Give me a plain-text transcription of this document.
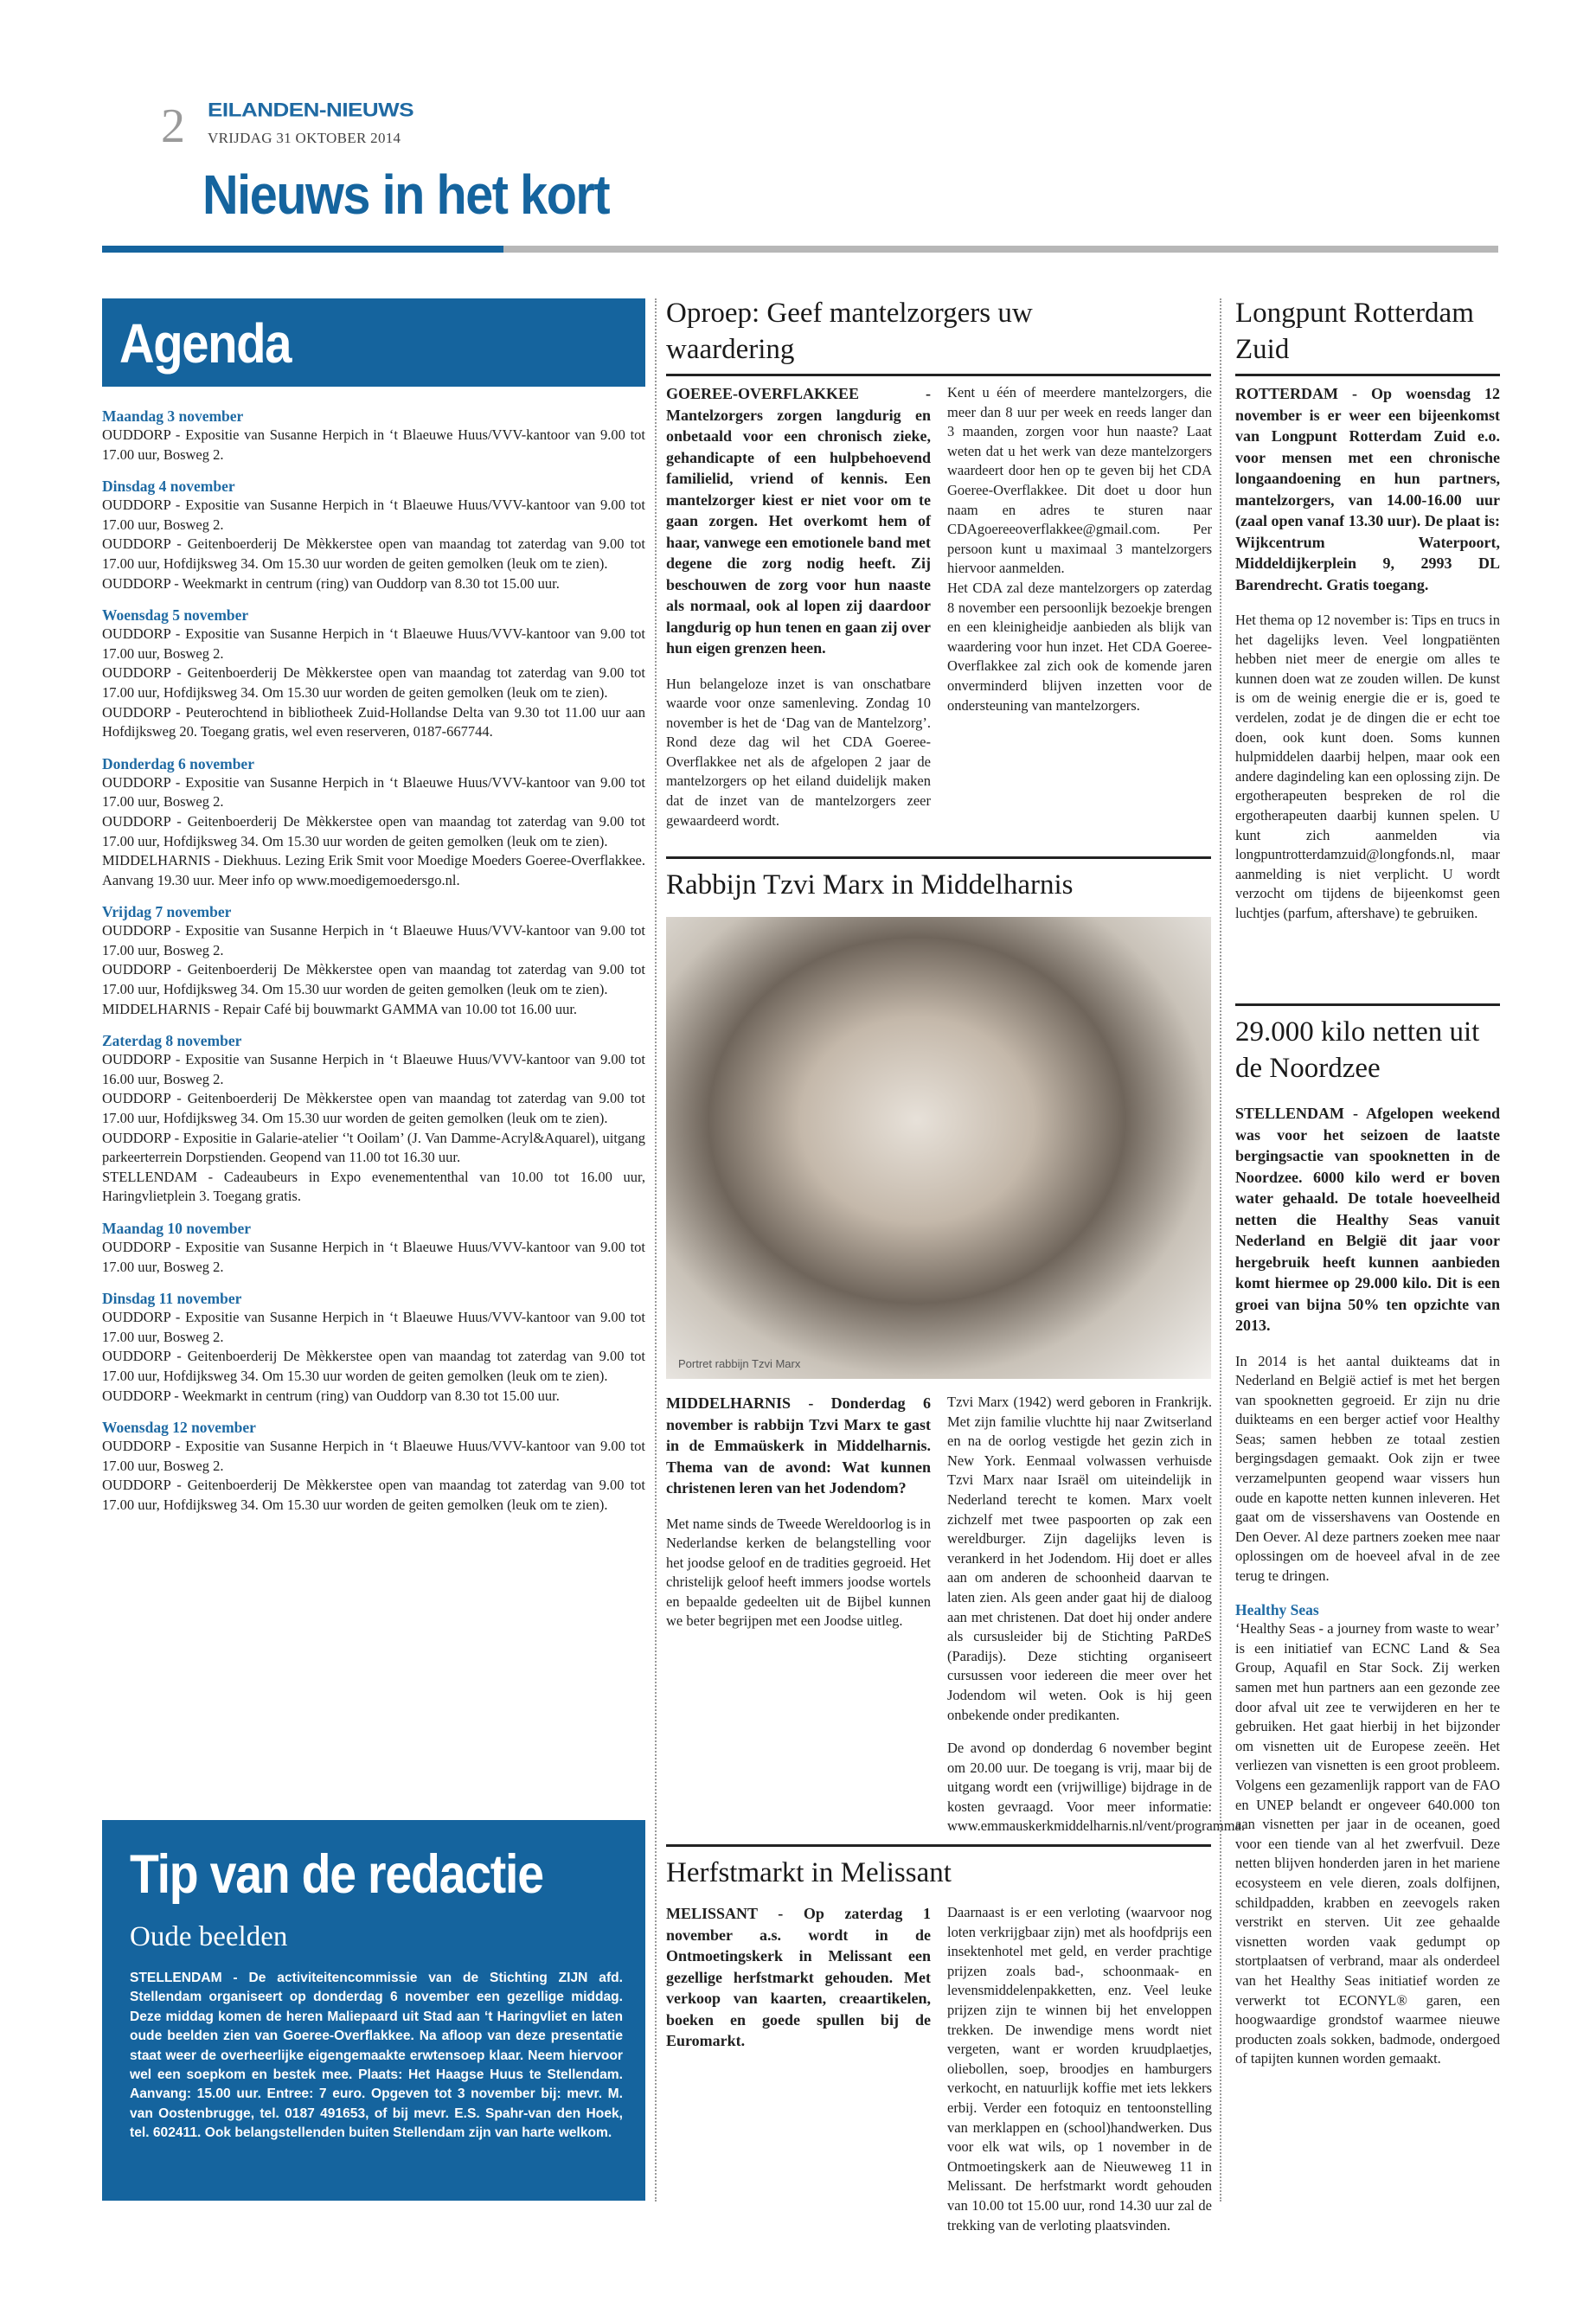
2 EILANDEN-NIEUWS
VRIJDAG 31 OKTOBER 2014
Nieuws in het kort
Agenda
Maandag 3 november

OUDDORP - Expositie van Susanne Herpich in ‘t Blaeuwe Huus/VVV-kantoor van 9.00 tot 17.00 uur, Bosweg 2.

Dinsdag 4 november

OUDDORP - Expositie van Susanne Herpich in ‘t Blaeuwe Huus/VVV-kantoor van 9.00 tot 17.00 uur, Bosweg 2.

OUDDORP - Geitenboerderij De Mèkkerstee open van maandag tot zaterdag van 9.00 tot 17.00 uur, Hofdijksweg 34. Om 15.30 uur worden de geiten gemolken (leuk om te zien).

OUDDORP - Weekmarkt in centrum (ring) van Ouddorp van 8.30 tot 15.00 uur.

Woensdag 5 november

OUDDORP - Expositie van Susanne Herpich in ‘t Blaeuwe Huus/VVV-kantoor van 9.00 tot 17.00 uur, Bosweg 2.

OUDDORP - Geitenboerderij De Mèkkerstee open van maandag tot zaterdag van 9.00 tot 17.00 uur, Hofdijksweg 34. Om 15.30 uur worden de geiten gemolken (leuk om te zien).

OUDDORP - Peuterochtend in bibliotheek Zuid-Hollandse Delta van 9.30 tot 11.00 uur aan Hofdijksweg 20. Toegang gratis, wel even reserveren, 0187-667744.

Donderdag 6 november

OUDDORP - Expositie van Susanne Herpich in ‘t Blaeuwe Huus/VVV-kantoor van 9.00 tot 17.00 uur, Bosweg 2.

OUDDORP - Geitenboerderij De Mèkkerstee open van maandag tot zaterdag van 9.00 tot 17.00 uur, Hofdijksweg 34. Om 15.30 uur worden de geiten gemolken (leuk om te zien).

MIDDELHARNIS - Diekhuus. Lezing Erik Smit voor Moedige Moeders Goeree-Overflakkee. Aanvang 19.30 uur. Meer info op www.moedigemoedersgo.nl.

Vrijdag 7 november

OUDDORP - Expositie van Susanne Herpich in ‘t Blaeuwe Huus/VVV-kantoor van 9.00 tot 17.00 uur, Bosweg 2.

OUDDORP - Geitenboerderij De Mèkkerstee open van maandag tot zaterdag van 9.00 tot 17.00 uur, Hofdijksweg 34. Om 15.30 uur worden de geiten gemolken (leuk om te zien).

MIDDELHARNIS - Repair Café bij bouwmarkt GAMMA van 10.00 tot 16.00 uur.

Zaterdag 8 november

OUDDORP - Expositie van Susanne Herpich in ‘t Blaeuwe Huus/VVV-kantoor van 9.00 tot 16.00 uur, Bosweg 2.

OUDDORP - Geitenboerderij De Mèkkerstee open van maandag tot zaterdag van 9.00 tot 17.00 uur, Hofdijksweg 34. Om 15.30 uur worden de geiten gemolken (leuk om te zien).

OUDDORP - Expositie in Galarie-atelier ‘'t Ooilam’ (J. Van Damme-Acryl&Aquarel), uitgang parkeerterrein Dorpstienden. Geopend van 11.00 tot 16.30 uur.

STELLENDAM - Cadeaubeurs in Expo evenemententhal van 10.00 tot 16.00 uur, Haringvlietplein 3. Toegang gratis.

Maandag 10 november

OUDDORP - Expositie van Susanne Herpich in ‘t Blaeuwe Huus/VVV-kantoor van 9.00 tot 17.00 uur, Bosweg 2.

Dinsdag 11 november

OUDDORP - Expositie van Susanne Herpich in ‘t Blaeuwe Huus/VVV-kantoor van 9.00 tot 17.00 uur, Bosweg 2.

OUDDORP - Geitenboerderij De Mèkkerstee open van maandag tot zaterdag van 9.00 tot 17.00 uur, Hofdijksweg 34. Om 15.30 uur worden de geiten gemolken (leuk om te zien).

OUDDORP - Weekmarkt in centrum (ring) van Ouddorp van 8.30 tot 15.00 uur.

Woensdag 12 november

OUDDORP - Expositie van Susanne Herpich in ‘t Blaeuwe Huus/VVV-kantoor van 9.00 tot 17.00 uur, Bosweg 2.

OUDDORP - Geitenboerderij De Mèkkerstee open van maandag tot zaterdag van 9.00 tot 17.00 uur, Hofdijksweg 34. Om 15.30 uur worden de geiten gemolken (leuk om te zien).

Tip van de redactie
Oude beelden

STELLENDAM - De activiteitencommissie van de Stichting ZIJN afd. Stellendam organiseert op donderdag 6 november een gezellige middag. Deze middag komen de heren Maliepaard uit Stad aan ‘t Haringvliet en laten oude beelden zien van Goeree-Overflakkee. Na afloop van deze presentatie staat weer de overheerlijke eigengemaakte erwtensoep klaar. Neem hiervoor wel een soepkom en bestek mee. Plaats: Het Haagse Huus te Stellendam. Aanvang: 15.00 uur. Entree: 7 euro. Opgeven tot 3 november bij: mevr. M. van Oostenbrugge, tel. 0187 491653, of bij mevr. E.S. Spahr-van den Hoek, tel. 602411. Ook belangstellenden buiten Stellendam zijn van harte welkom.

Oproep: Geef mantelzorgers uw waardering

GOEREE-OVERFLAKKEE - Mantelzorgers zorgen langdurig en onbetaald voor een chronisch zieke, gehandicapte of een hulpbehoevend familielid, vriend of kennis. Een mantelzorger kiest er niet voor om te gaan zorgen. Het overkomt hem of haar, vanwege een emotionele band met degene die zorg nodig heeft. Zij beschouwen de zorg voor hun naaste als normaal, ook al lopen zij daardoor langdurig op hun tenen en gaan zij over hun eigen grenzen heen.

Hun belangeloze inzet is van onschatbare waarde voor onze samenleving. Zondag 10 november is het de ‘Dag van de Mantelzorg’. Rond deze dag wil het CDA Goeree-Overflakkee net als de afgelopen 2 jaar de mantelzorgers op het eiland duidelijk maken dat de inzet van de mantelzorgers zeer gewaardeerd wordt.

Kent u één of meerdere mantelzorgers, die meer dan 8 uur per week en reeds langer dan 3 maanden, zorgen voor hun naaste? Laat weten dat u het werk van deze mantelzorgers waardeert door hen op te geven bij het CDA Goeree-Overflakkee. Dit doet u door hun naam en adres te sturen naar CDAgoereeoverflakkee@gmail.com. Per persoon kunt u maximaal 3 mantelzorgers hiervoor aanmelden.

Het CDA zal deze mantelzorgers op zaterdag 8 november een persoonlijk bezoekje brengen en een kleinigheidje aanbieden als blijk van waardering voor hun inzet. Het CDA Goeree-Overflakkee zal zich ook de komende jaren onverminderd blijven inzetten voor de ondersteuning van mantelzorgers.

Rabbijn Tzvi Marx in Middelharnis
Portret rabbijn Tzvi Marx

MIDDELHARNIS - Donderdag 6 november is rabbijn Tzvi Marx te gast in de Emmaüskerk in Middelharnis. Thema van de avond: Wat kunnen christenen leren van het Jodendom?

Met name sinds de Tweede Wereldoorlog is in Nederlandse kerken de belangstelling voor het joodse geloof en de tradities gegroeid. Het christelijk geloof heeft immers joodse wortels en bepaalde gedeelten uit de Bijbel kunnen we beter begrijpen met een Joodse uitleg.

Tzvi Marx (1942) werd geboren in Frankrijk. Met zijn familie vluchtte hij naar Zwitserland en na de oorlog vestigde het gezin zich in New York. Eenmaal volwassen verhuisde Tzvi Marx naar Israël om uiteindelijk in Nederland terecht te komen. Marx voelt zichzelf met twee paspoorten op zak een wereldburger. Zijn dagelijks leven is verankerd in het Jodendom. Hij doet er alles aan om anderen de schoonheid daarvan te laten zien. Als geen ander gaat hij de dialoog aan met christenen. Dat doet hij onder andere als cursusleider bij de Stichting PaRDeS (Paradijs). Deze stichting organiseert cursussen voor iedereen die meer over het Jodendom wil weten. Ook is hij geen onbekende onder predikanten.

De avond op donderdag 6 november begint om 20.00 uur. De toegang is vrij, maar bij de uitgang wordt een (vrijwillige) bijdrage in de kosten gevraagd. Voor meer informatie: www.emmauskerkmiddelharnis.nl/vent/programma.

Herfstmarkt in Melissant

MELISSANT - Op zaterdag 1 november a.s. wordt in de Ontmoetingskerk in Melissant een gezellige herfstmarkt gehouden. Met verkoop van kaarten, creaartikelen, boeken en goede spullen bij de Euromarkt.

Daarnaast is er een verloting (waarvoor nog loten verkrijgbaar zijn) met als hoofdprijs een insektenhotel met geld, en verder prachtige prijzen zoals bad-, schoonmaak- en levensmiddelenpakketten, enz. Veel leuke prijzen zijn te winnen bij het enveloppen trekken. De inwendige mens wordt niet vergeten, want er worden kruudplaetjes, oliebollen, soep, broodjes en hamburgers verkocht, en natuurlijk koffie met iets lekkers erbij. Verder een fotoquiz en tentoonstelling van merklappen en (school)handwerken. Dus voor elk wat wils, op 1 november in de Ontmoetingskerk aan de Nieuweweg 11 in Melissant. De herfstmarkt wordt gehouden van 10.00 tot 15.00 uur, rond 14.30 uur zal de trekking van de verloting plaatsvinden.

Longpunt Rotterdam Zuid

ROTTERDAM - Op woensdag 12 november is er weer een bijeenkomst van Longpunt Rotterdam Zuid e.o. voor mensen met een chronische longaandoening en hun partners, mantelzorgers, van 14.00-16.00 uur (zaal open vanaf 13.30 uur). De plaat is: Wijkcentrum Waterpoort, Middeldijkerplein 9, 2993 DL Barendrecht. Gratis toegang.

Het thema op 12 november is: Tips en trucs in het dagelijks leven. Veel longpatiënten hebben niet meer de energie om alles te kunnen doen wat ze zouden willen. De kunst is om de weinig energie die er is, goed te verdelen, zodat je de dingen die er echt toe doen, ook kunt doen. Soms kunnen hulpmiddelen daarbij helpen, maar ook een andere dagindeling kan een oplossing zijn. De ergotherapeuten bespreken de rol die ergotherapeuten daarbij kunnen spelen. U kunt zich aanmelden via longpuntrotterdamzuid@longfonds.nl, maar aanmelding is niet verplicht. U wordt verzocht om tijdens de bijeenkomst geen luchtjes (parfum, aftershave) te gebruiken.

29.000 kilo netten uit de Noordzee

STELLENDAM - Afgelopen weekend was voor het seizoen de laatste bergingsactie van spooknetten in de Noordzee. 6000 kilo werd er boven water gehaald. De totale hoeveelheid netten die Healthy Seas vanuit Nederland en België dit jaar voor hergebruik heeft kunnen aanbieden komt hiermee op 29.000 kilo. Dit is een groei van bijna 50% ten opzichte van 2013.

In 2014 is het aantal duikteams dat in Nederland en België actief is met het bergen van spooknetten gegroeid. Er zijn nu drie duikteams en een berger actief voor Healthy Seas; samen hebben ze totaal zestien bergingsdagen gemaakt. Ook zijn er twee verzamelpunten geopend waar vissers hun oude en kapotte netten kunnen inleveren. Het gaat om de vissershavens van Oostende en Den Oever. Al deze partners zoeken mee naar oplossingen om de hoeveel afval in de zee terug te dringen.

Healthy Seas

‘Healthy Seas - a journey from waste to wear’ is een initiatief van ECNC Land & Sea Group, Aquafil en Star Sock. Zij werken samen met hun partners aan een gezonde zee door afval uit zee te verwijderen en her te gebruiken. Het gaat hierbij in het bijzonder om visnetten uit de Europese zeeën. Het verliezen van visnetten is een groot probleem. Volgens een gezamenlijk rapport van de FAO en UNEP belandt er ongeveer 640.000 ton aan visnetten per jaar in de oceanen, goed voor een tiende van al het zwerfvuil. Deze netten blijven honderden jaren in het mariene ecosysteem en vele dieren, zoals dolfijnen, schildpadden, krabben en zeevogels raken verstrikt en sterven. Uit zee gehaalde visnetten worden vaak gedumpt op stortplaatsen of verbrand, maar als onderdeel van het Healthy Seas initiatief worden ze verwerkt tot ECONYL® garen, een hoogwaardige grondstof waarmee nieuwe producten zoals sokken, badmode, ondergoed of tapijten kunnen worden gemaakt.
